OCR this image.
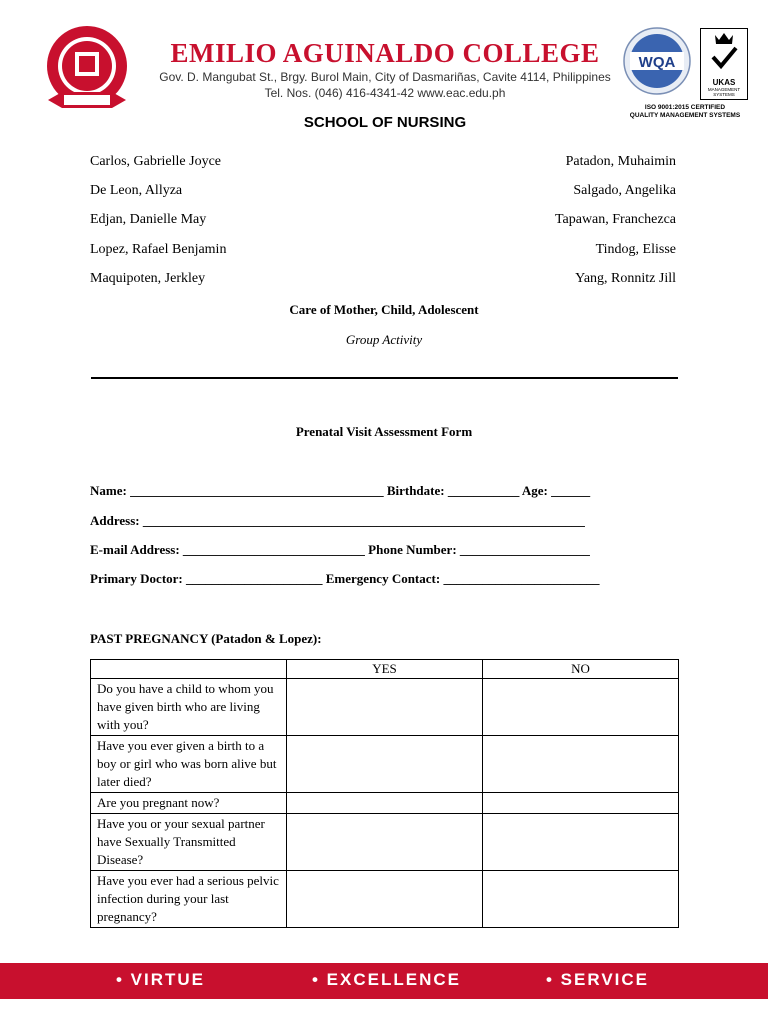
EMILIO AGUINALDO COLLEGE
Gov. D. Mangubat St., Brgy. Burol Main, City of Dasmariñas, Cavite 4114, Philippines
Tel. Nos. (046) 416-4341-42 www.eac.edu.ph
SCHOOL OF NURSING
WQA
UKAS
MANAGEMENT SYSTEMS
ISO 9001:2015 CERTIFIED
QUALITY MANAGEMENT SYSTEMS
Carlos, Gabrielle Joyce
De Leon, Allyza
Edjan, Danielle May
Lopez, Rafael Benjamin
Maquipoten, Jerkley
Patadon, Muhaimin
Salgado, Angelika
Tapawan, Franchezca
Tindog, Elisse
Yang, Ronnitz Jill
Care of Mother, Child, Adolescent
Group Activity
Prenatal Visit Assessment Form
Name: _______________________________________ Birthdate: ___________ Age: ______
Address: ____________________________________________________________________
E-mail Address: ____________________________ Phone Number: ____________________
Primary Doctor: _____________________ Emergency Contact: ________________________
PAST PREGNANCY (Patadon & Lopez):
	YES	NO
Do you have a child to whom you have given birth who are living with you?		
Have you ever given a birth to a boy or girl who was born alive but later died?		
Are you pregnant now?		
Have you or your sexual partner have Sexually Transmitted Disease?		
Have you ever had a serious pelvic infection during your last pregnancy?		
• VIRTUE	• EXCELLENCE	• SERVICE
